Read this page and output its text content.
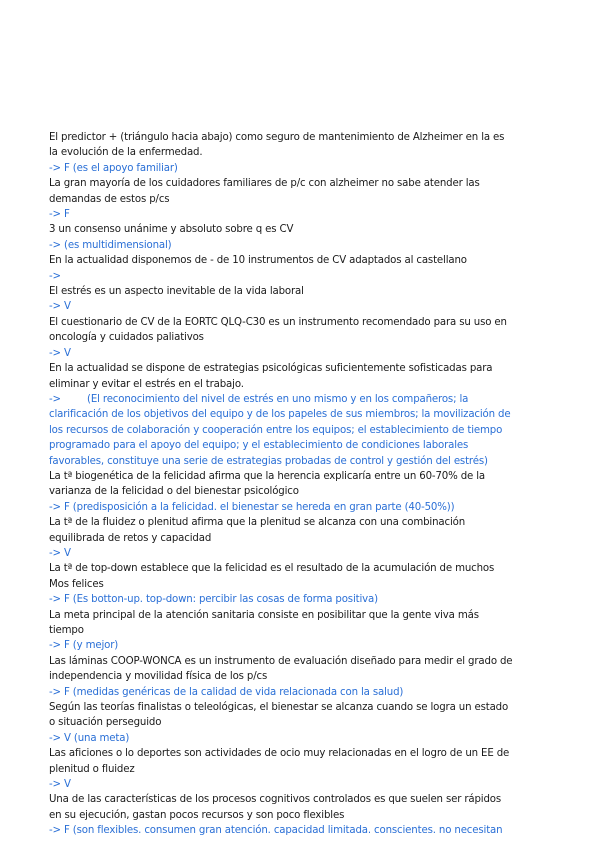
El predictor + (triángulo hacia abajo) como seguro de mantenimiento de Alzheimer en la es la evolución de la enfermedad.

-> F (es el apoyo familiar)

La gran mayoría de los cuidadores familiares de p/c con alzheimer no sabe atender las demandas de estos p/cs

-> F

3 un consenso unánime y absoluto sobre q es CV

-> (es multidimensional)

En la actualidad disponemos de - de 10 instrumentos de CV adaptados al castellano

->

El estrés es un aspecto inevitable de la vida laboral

-> V

El cuestionario de CV de la EORTC QLQ-C30 es un instrumento recomendado para su uso en oncología y cuidados paliativos

-> V

En la actualidad se dispone de estrategias psicológicas suficientemente sofisticadas para eliminar y evitar el estrés en el trabajo.

->	(El reconocimiento del nivel de estrés en uno mismo y en los compañeros; la clarificación de los objetivos del equipo y de los papeles de sus miembros; la movilización de los recursos de colaboración y cooperación entre los equipos; el establecimiento de tiempo programado para el apoyo del equipo; y el establecimiento de condiciones laborales favorables, constituye una serie de estrategias probadas de control y gestión del estrés)

La tª biogenética de la felicidad afirma que la herencia explicaría entre un 60-70% de la varianza de la felicidad o del bienestar psicológico

-> F (predisposición a la felicidad. el bienestar se hereda en gran parte (40-50%))

La tª de la fluidez o plenitud afirma que la plenitud se alcanza con una combinación equilibrada de retos y capacidad

-> V

La tª de top-down establece que la felicidad es el resultado de la acumulación de muchos Mos felices

-> F (Es botton-up. top-down: percibir las cosas de forma positiva)

La meta principal de la atención sanitaria consiste en posibilitar que la gente viva más tiempo

-> F (y mejor)

Las láminas COOP-WONCA es un instrumento de evaluación diseñado para medir el grado de independencia y movilidad física de los p/cs

-> F (medidas genéricas de la calidad de vida relacionada con la salud)

Según las teorías finalistas o teleológicas, el bienestar se alcanza cuando se logra un estado o situación perseguido

-> V (una meta)

Las aficiones o lo deportes son actividades de ocio muy relacionadas en el logro de un EE de plenitud o fluidez

-> V

Una de las características de los procesos cognitivos controlados es que suelen ser rápidos en su ejecución, gastan pocos recursos y son poco flexibles

-> F (son flexibles. consumen gran atención. capacidad limitada. conscientes. no necesitan
